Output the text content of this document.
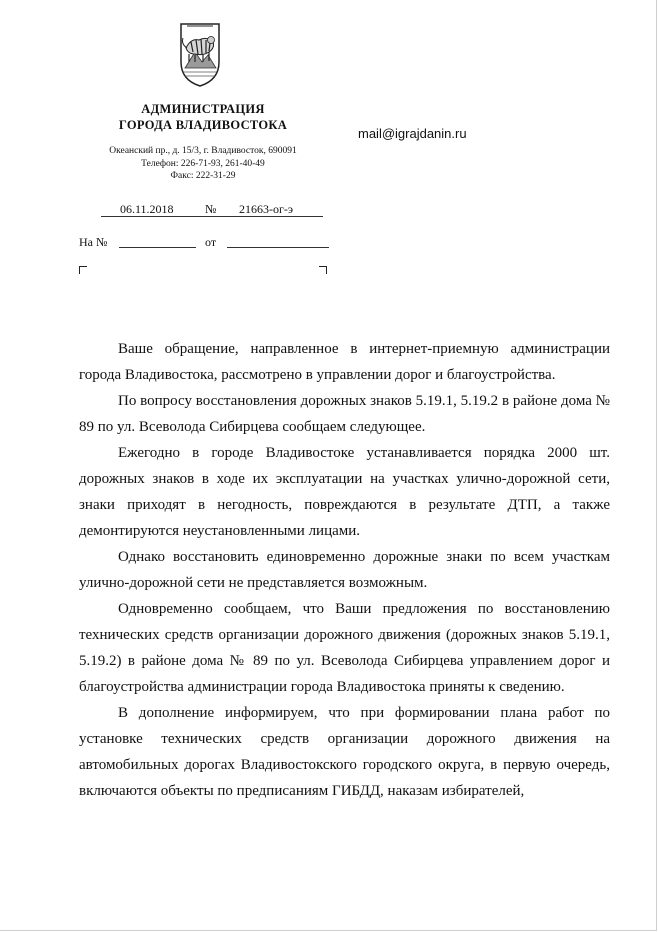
АДМИНИСТРАЦИЯ
ГОРОДА ВЛАДИВОСТОКА
Океанский пр., д. 15/3, г. Владивосток, 690091
Телефон: 226-71-93, 261-40-49
Факс: 222-31-29
mail@igrajdanin.ru
06.11.2018	№ 21663-ог-э
На №	от

Ваше обращение, направленное в интернет-приемную администрации города Владивостока, рассмотрено в управлении дорог и благоустройства.

По вопросу восстановления дорожных знаков 5.19.1, 5.19.2 в районе дома № 89 по ул. Всеволода Сибирцева сообщаем следующее.

Ежегодно в городе Владивостоке устанавливается порядка 2000 шт. дорожных знаков в ходе их эксплуатации на участках улично-дорожной сети, знаки приходят в негодность, повреждаются в результате ДТП, а также демонтируются неустановленными лицами.

Однако восстановить единовременно дорожные знаки по всем участкам улично-дорожной сети не представляется возможным.

Одновременно сообщаем, что Ваши предложения по восстановлению технических средств организации дорожного движения (дорожных знаков 5.19.1, 5.19.2) в районе дома № 89 по ул. Всеволода Сибирцева управлением дорог и благоустройства администрации города Владивостока приняты к сведению.

В дополнение информируем, что при формировании плана работ по установке технических средств организации дорожного движения на автомобильных дорогах Владивостокского городского округа, в первую очередь, включаются объекты по предписаниям ГИБДД, наказам избирателей,
